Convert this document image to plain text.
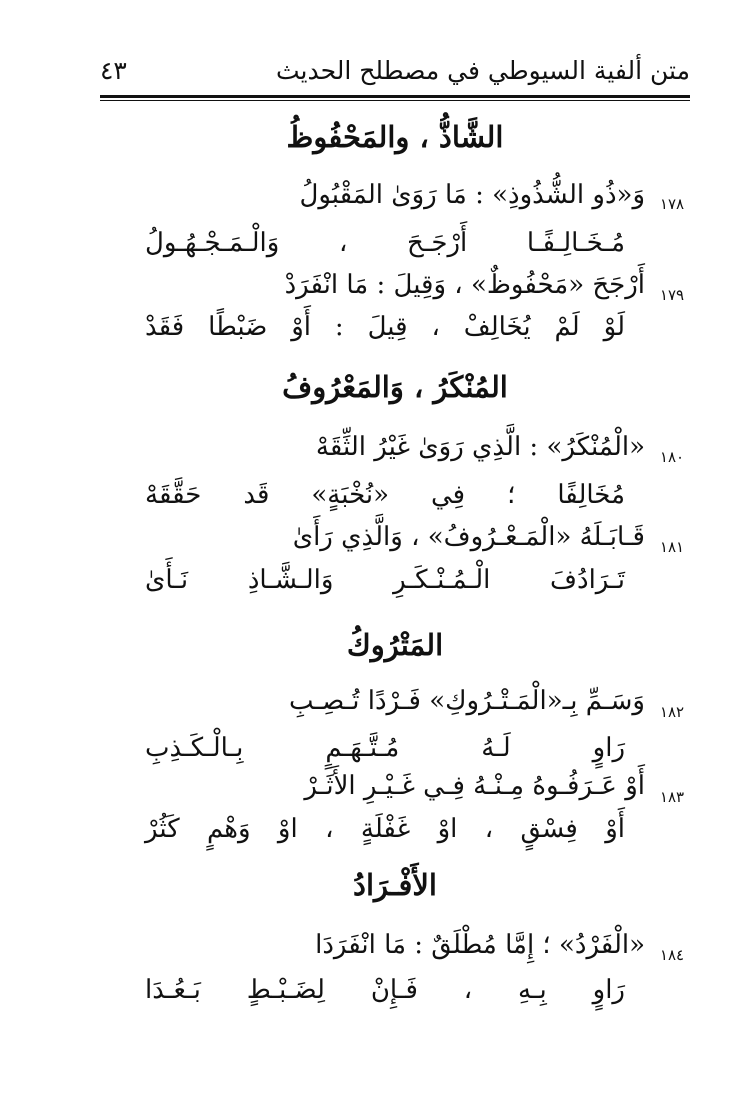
متن ألفية السيوطي في مصطلح الحديث
٤٣
الشَّاذُّ ، والمَحْفُوظُ
١٧٨
وَ«ذُو الشُّذُوذِ» : مَا رَوَىٰ المَقْبُولُ
مُـخَـالِـفًـا أَرْجَـحَ ، وَالْـمَـجْـهُـولُ
١٧٩
أَرْجَحَ «مَحْفُوظٌ» ، وَقِيلَ : مَا انْفَرَدْ
لَوْ لَمْ يُخَالِفْ ، قِيلَ : أَوْ ضَبْطًا فَقَدْ
المُنْكَرُ ، وَالمَعْرُوفُ
١٨٠
«الْمُنْكَرُ» : الَّذِي رَوَىٰ غَيْرُ الثِّقَهْ
مُخَالِفًا ؛ فِي «نُخْبَةٍ» قَد حَقَّقَهْ
١٨١
قَـابَـلَهُ «الْمَـعْـرُوفُ» ، وَالَّذِي رَأَىٰ
تَـرَادُفَ الْـمُـنْـكَـرِ وَالـشَّـاذِ نَـأَىٰ
المَتْرُوكُ
١٨٢
وَسَـمِّ بِـ«الْمَـتْـرُوكِ» فَـرْدًا تُـصِـبِ
رَاوٍ لَـهُ مُـتَّـهَـمٍ بِـالْـكَـذِبِ
١٨٣
أَوْ عَـرَفُـوهُ مِـنْـهُ فِـي غَـيْـرِ الأَثَـرْ
أَوْ فِسْقٍ ، اوْ غَفْلَةٍ ، اوْ وَهْمٍ كَثُرْ
الأَفْـرَادُ
١٨٤
«الْفَرْدُ» ؛ إِمَّا مُطْلَقٌ : مَا انْفَرَدَا
رَاوٍ بِـهِ ، فَـإِنْ لِضَـبْـطٍ بَـعُـدَا
